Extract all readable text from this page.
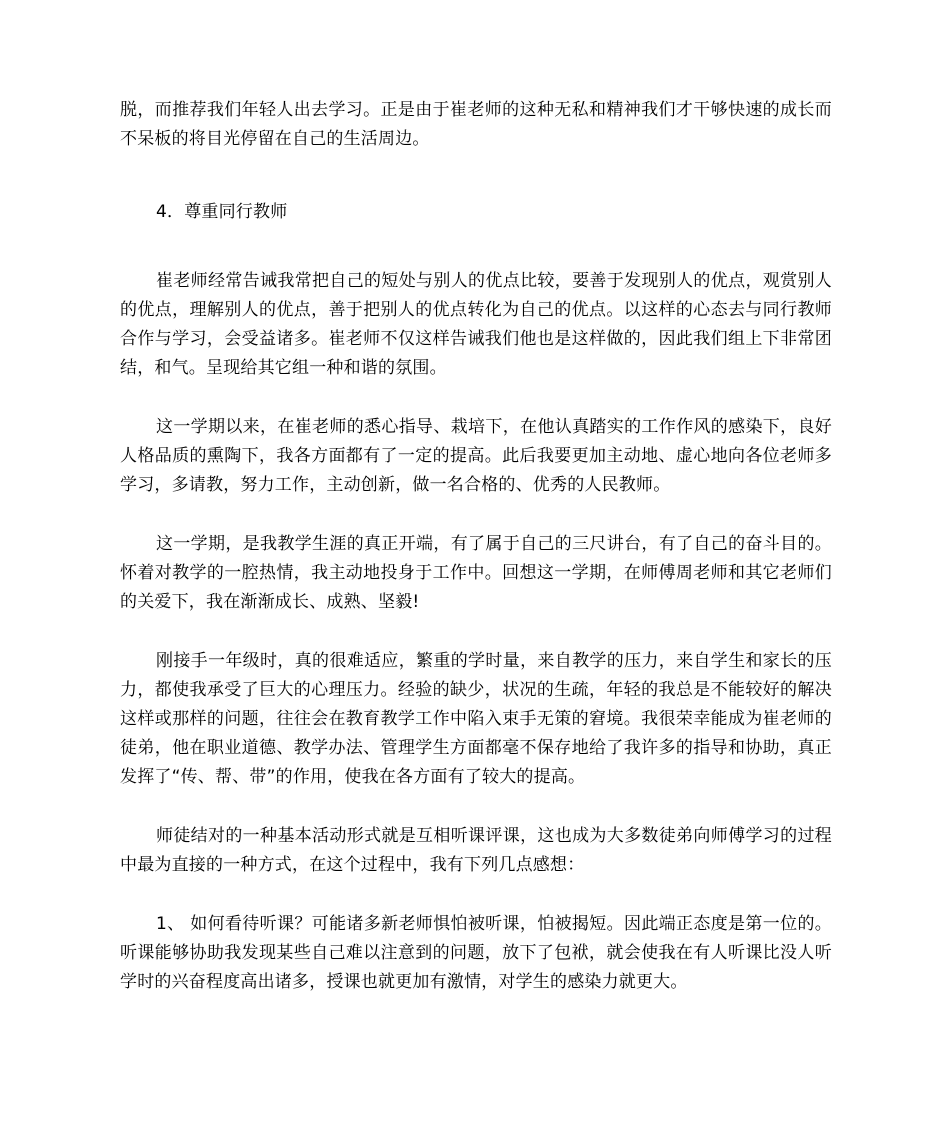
脱，而推荐我们年轻人出去学习。正是由于崔老师的这种无私和精神我们才干够快速的成长而不呆板的将目光停留在自己的生活周边。

4．尊重同行教师

崔老师经常告诫我常把自己的短处与别人的优点比较，要善于发现别人的优点，观赏别人的优点，理解别人的优点，善于把别人的优点转化为自己的优点。以这样的心态去与同行教师合作与学习，会受益诸多。崔老师不仅这样告诫我们他也是这样做的，因此我们组上下非常团结，和气。呈现给其它组一种和谐的氛围。

这一学期以来，在崔老师的悉心指导、栽培下，在他认真踏实的工作作风的感染下，良好人格品质的熏陶下，我各方面都有了一定的提高。此后我要更加主动地、虚心地向各位老师多学习，多请教，努力工作，主动创新，做一名合格的、优秀的人民教师。

这一学期，是我教学生涯的真正开端，有了属于自己的三尺讲台，有了自己的奋斗目的。怀着对教学的一腔热情，我主动地投身于工作中。回想这一学期，在师傅周老师和其它老师们的关爱下，我在渐渐成长、成熟、坚毅!

刚接手一年级时，真的很难适应，繁重的学时量，来自教学的压力，来自学生和家长的压力，都使我承受了巨大的心理压力。经验的缺少，状况的生疏，年轻的我总是不能较好的解决这样或那样的问题，往往会在教育教学工作中陷入束手无策的窘境。我很荣幸能成为崔老师的徒弟，他在职业道德、教学办法、管理学生方面都毫不保存地给了我许多的指导和协助，真正发挥了“传、帮、带”的作用，使我在各方面有了较大的提高。

师徒结对的一种基本活动形式就是互相听课评课，这也成为大多数徒弟向师傅学习的过程中最为直接的一种方式，在这个过程中，我有下列几点感想：

1、 如何看待听课？可能诸多新老师惧怕被听课，怕被揭短。因此端正态度是第一位的。听课能够协助我发现某些自己难以注意到的问题，放下了包袱，就会使我在有人听课比没人听学时的兴奋程度高出诸多，授课也就更加有激情，对学生的感染力就更大。
